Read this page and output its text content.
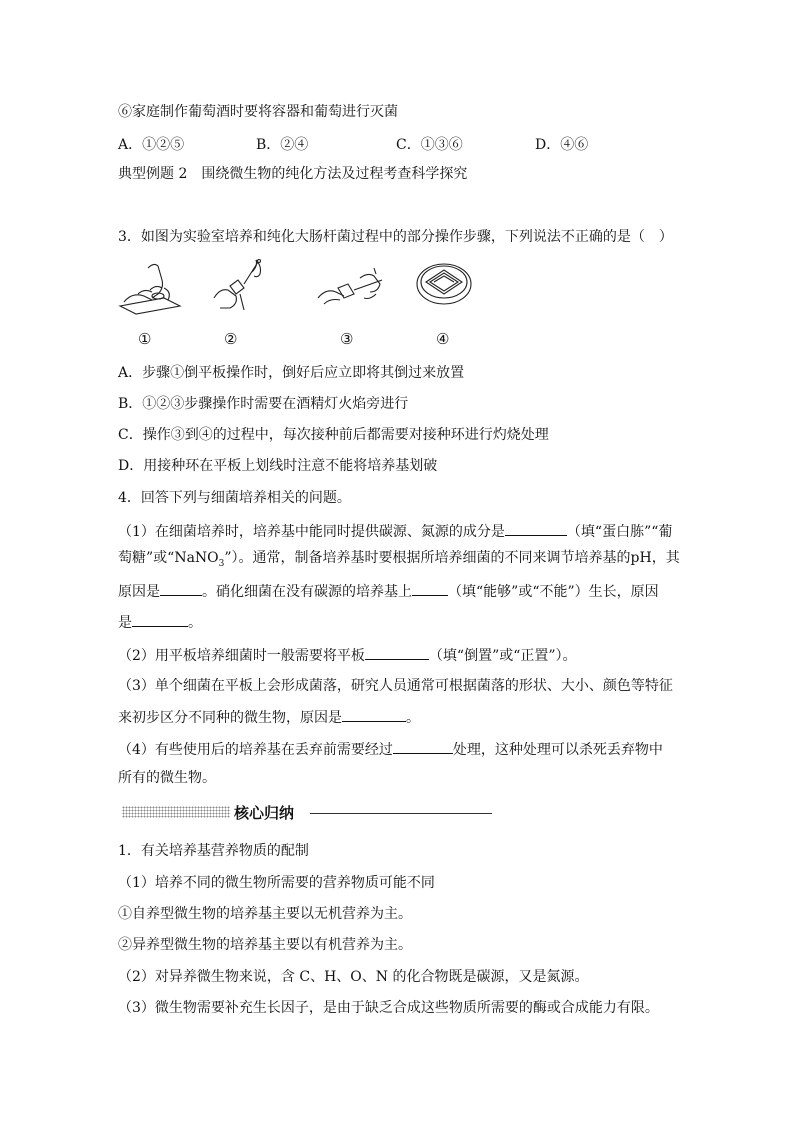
⑥家庭制作葡萄酒时要将容器和葡萄进行灭菌
A．①②⑤	B．②④	C．①③⑥	D．④⑥
典型例题 2　围绕微生物的纯化方法及过程考查科学探究
3．如图为实验室培养和纯化大肠杆菌过程中的部分操作步骤，下列说法不正确的是（　）
①	②	③	④
A．步骤①倒平板操作时，倒好后应立即将其倒过来放置
B．①②③步骤操作时需要在酒精灯火焰旁进行
C．操作③到④的过程中，每次接种前后都需要对接种环进行灼烧处理
D．用接种环在平板上划线时注意不能将培养基划破
4．回答下列与细菌培养相关的问题。
（1）在细菌培养时，培养基中能同时提供碳源、氮源的成分是	（填“蛋白胨”“葡
萄糖”或“NaNO$_3$”）。通常，制备培养基时要根据所培养细菌的不同来调节培养基的pH，其
原因是	。硝化细菌在没有碳源的培养基上	（填“能够”或“不能”）生长，原因
是	。
（2）用平板培养细菌时一般需要将平板	（填“倒置”或“正置”）。
（3）单个细菌在平板上会形成菌落，研究人员通常可根据菌落的形状、大小、颜色等特征
来初步区分不同种的微生物，原因是	。
（4）有些使用后的培养基在丢弃前需要经过	处理，这种处理可以杀死丢弃物中
所有的微生物。
核心归纳
1．有关培养基营养物质的配制
（1）培养不同的微生物所需要的营养物质可能不同
①自养型微生物的培养基主要以无机营养为主。
②异养型微生物的培养基主要以有机营养为主。
（2）对异养微生物来说，含 C、H、O、N 的化合物既是碳源，又是氮源。
（3）微生物需要补充生长因子，是由于缺乏合成这些物质所需要的酶或合成能力有限。
